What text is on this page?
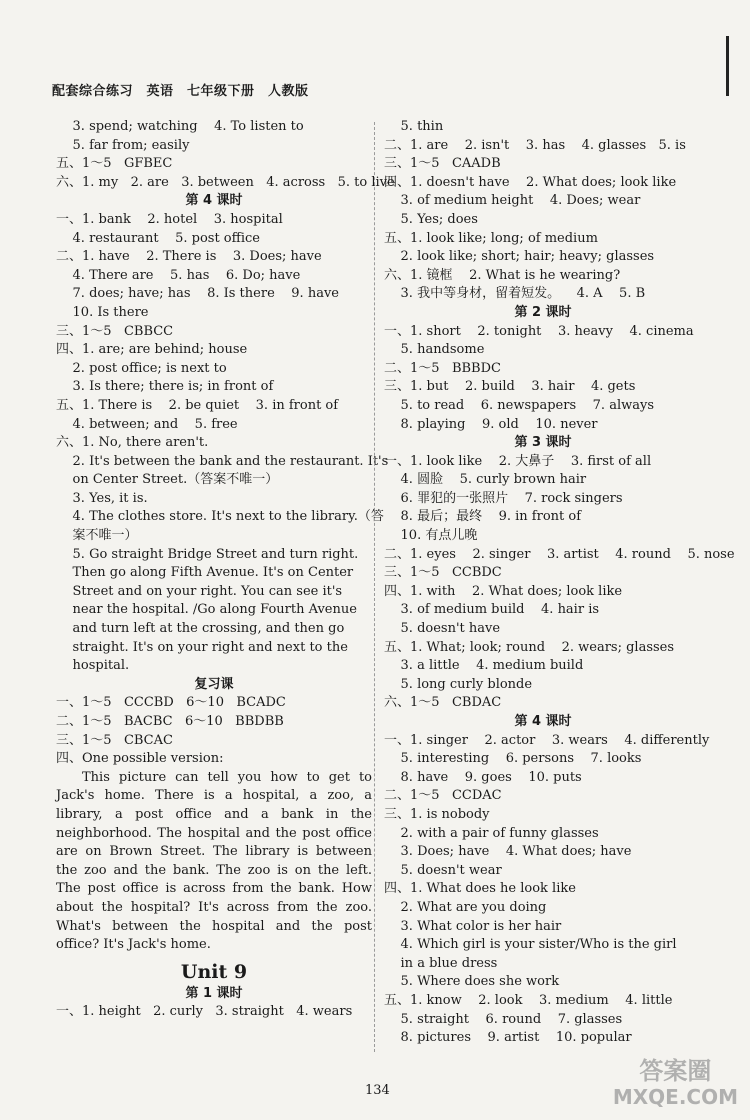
配套综合练习　英语　七年级下册　人教版
3. spend; watching    4. To listen to
5. far from; easily
五、1～5   GFBEC
六、1. my   2. are   3. between   4. across   5. to live
第 4 课时
一、1. bank    2. hotel    3. hospital
4. restaurant    5. post office
二、1. have    2. There is    3. Does; have
4. There are    5. has    6. Do; have
7. does; have; has    8. Is there    9. have
10. Is there
三、1～5   CBBCC
四、1. are; are behind; house
2. post office; is next to
3. Is there; there is; in front of
五、1. There is    2. be quiet    3. in front of
4. between; and    5. free
六、1. No, there aren't.
2. It's between the bank and the restaurant. It's
on Center Street.（答案不唯一）
3. Yes, it is.
4. The clothes store. It's next to the library.（答
案不唯一）
5. Go straight Bridge Street and turn right.
Then go along Fifth Avenue. It's on Center
Street and on your right. You can see it's
near the hospital. /Go along Fourth Avenue
and turn left at the crossing, and then go
straight. It's on your right and next to the
hospital.
复习课
一、1～5   CCCBD   6～10   BCADC
二、1～5   BACBC   6～10   BBDBB
三、1～5   CBCAC
四、One possible version:
This picture can tell you how to get to Jack's home. There is a hospital, a zoo, a library, a post office and a bank in the neighborhood. The hospital and the post office are on Brown Street. The library is between the zoo and the bank. The zoo is on the left. The post office is across from the bank. How about the hospital? It's across from the zoo. What's between the hospital and the post office? It's Jack's home.
Unit 9
第 1 课时
一、1. height   2. curly   3. straight   4. wears
5. thin
二、1. are    2. isn't    3. has    4. glasses   5. is
三、1～5   CAADB
四、1. doesn't have    2. What does; look like
3. of medium height    4. Does; wear
5. Yes; does
五、1. look like; long; of medium
2. look like; short; hair; heavy; glasses
六、1. 镜框    2. What is he wearing?
3. 我中等身材，留着短发。    4. A    5. B
第 2 课时
一、1. short    2. tonight    3. heavy    4. cinema
5. handsome
二、1～5   BBBDC
三、1. but    2. build    3. hair    4. gets
5. to read    6. newspapers    7. always
8. playing    9. old    10. never
第 3 课时
一、1. look like    2. 大鼻子    3. first of all
4. 圆脸    5. curly brown hair
6. 罪犯的一张照片    7. rock singers
8. 最后；最终    9. in front of
10. 有点儿晚
二、1. eyes    2. singer    3. artist    4. round    5. nose
三、1～5   CCBDC
四、1. with    2. What does; look like
3. of medium build    4. hair is
5. doesn't have
五、1. What; look; round    2. wears; glasses
3. a little    4. medium build
5. long curly blonde
六、1～5   CBDAC
第 4 课时
一、1. singer    2. actor    3. wears    4. differently
5. interesting    6. persons    7. looks
8. have    9. goes    10. puts
二、1～5   CCDAC
三、1. is nobody
2. with a pair of funny glasses
3. Does; have    4. What does; have
5. doesn't wear
四、1. What does he look like
2. What are you doing
3. What color is her hair
4. Which girl is your sister/Who is the girl
in a blue dress
5. Where does she work
五、1. know    2. look    3. medium    4. little
5. straight    6. round    7. glasses
8. pictures    9. artist    10. popular
134
答案圈
MXQE.COM
